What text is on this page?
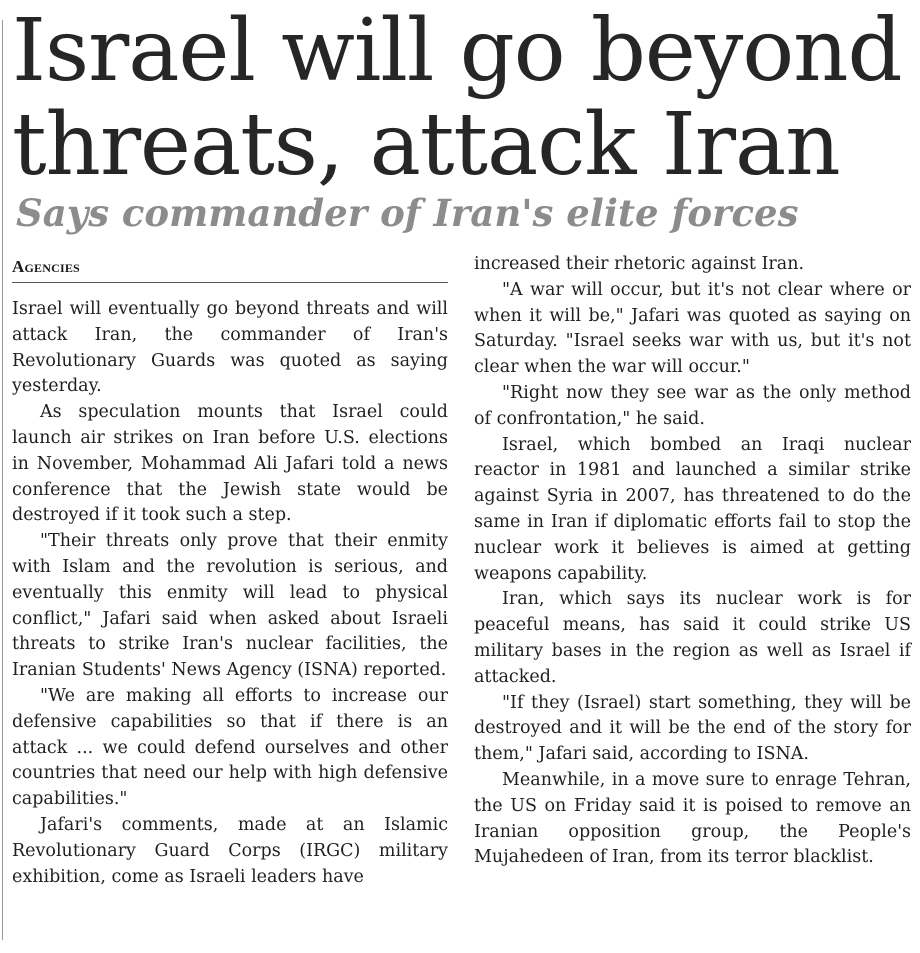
Israel will go beyond threats, attack Iran
Says commander of Iran's elite forces
Agencies

Israel will eventually go beyond threats and will attack Iran, the commander of Iran's Revolutionary Guards was quoted as saying yesterday.

As speculation mounts that Israel could launch air strikes on Iran before U.S. elections in November, Mohammad Ali Jafari told a news conference that the Jewish state would be destroyed if it took such a step.

"Their threats only prove that their enmity with Islam and the revolution is serious, and eventually this enmity will lead to physical conflict," Jafari said when asked about Israeli threats to strike Iran's nuclear facilities, the Iranian Students' News Agency (ISNA) reported.

"We are making all efforts to increase our defensive capabilities so that if there is an attack ... we could defend ourselves and other countries that need our help with high defensive capabilities."

Jafari's comments, made at an Islamic Revolutionary Guard Corps (IRGC) military exhibition, come as Israeli leaders have

increased their rhetoric against Iran.

"A war will occur, but it's not clear where or when it will be," Jafari was quoted as saying on Saturday. "Israel seeks war with us, but it's not clear when the war will occur."

"Right now they see war as the only method of confrontation," he said.

Israel, which bombed an Iraqi nuclear reactor in 1981 and launched a similar strike against Syria in 2007, has threatened to do the same in Iran if diplomatic efforts fail to stop the nuclear work it believes is aimed at getting weapons capability.

Iran, which says its nuclear work is for peaceful means, has said it could strike US military bases in the region as well as Israel if attacked.

"If they (Israel) start something, they will be destroyed and it will be the end of the story for them," Jafari said, according to ISNA.

Meanwhile, in a move sure to enrage Tehran, the US on Friday said it is poised to remove an Iranian opposition group, the People's Mujahedeen of Iran, from its terror blacklist.
